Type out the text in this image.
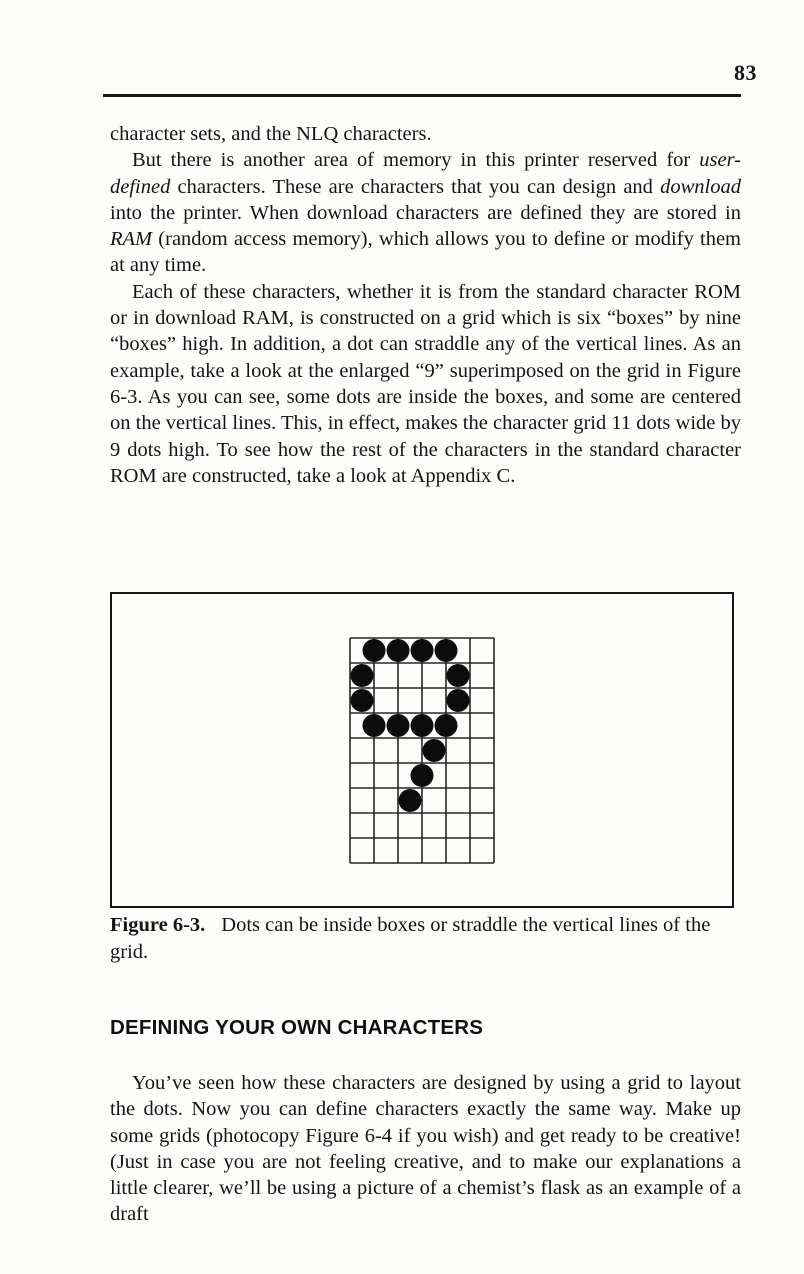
83

character sets, and the NLQ characters.

But there is another area of memory in this printer reserved for user-defined characters. These are characters that you can design and download into the printer. When download characters are defined they are stored in RAM (random access memory), which allows you to define or modify them at any time.

Each of these characters, whether it is from the standard character ROM or in download RAM, is constructed on a grid which is six “boxes” by nine “boxes” high. In addition, a dot can straddle any of the vertical lines. As an example, take a look at the enlarged “9” superimposed on the grid in Figure 6-3. As you can see, some dots are inside the boxes, and some are centered on the vertical lines. This, in effect, makes the character grid 11 dots wide by 9 dots high. To see how the rest of the characters in the standard character ROM are constructed, take a look at Appendix C.

Figure 6-3. Dots can be inside boxes or straddle the vertical lines of the grid.

DEFINING YOUR OWN CHARACTERS

You’ve seen how these characters are designed by using a grid to layout the dots. Now you can define characters exactly the same way. Make up some grids (photocopy Figure 6-4 if you wish) and get ready to be creative! (Just in case you are not feeling creative, and to make our explanations a little clearer, we’ll be using a picture of a chemist’s flask as an example of a draft
